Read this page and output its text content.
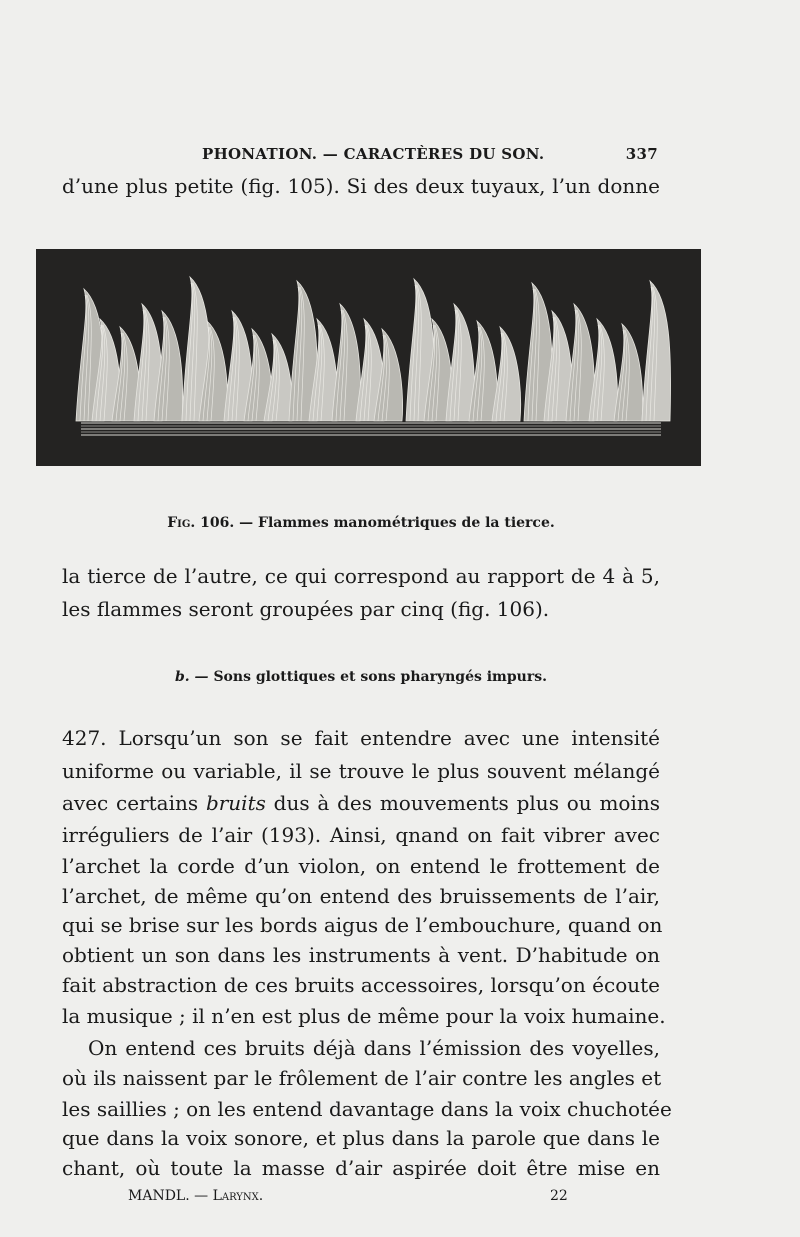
PHONATION. — CARACTÈRES DU SON.	337
d’une plus petite (fig. 105). Si des deux tuyaux, l’un donne
Fig. 106. — Flammes manométriques de la tierce.
la tierce de l’autre, ce qui correspond au rapport de 4 à 5,
les flammes seront groupées par cinq (fig. 106).
b. — Sons glottiques et sons pharyngés impurs.
427. Lorsqu’un son se fait entendre avec une intensité
uniforme ou variable, il se trouve le plus souvent mélangé
avec certains bruits dus à des mouvements plus ou moins
irréguliers de l’air (193). Ainsi, qnand on fait vibrer avec
l’archet la corde d’un violon, on entend le frottement de
l’archet, de même qu’on entend des bruissements de l’air,
qui se brise sur les bords aigus de l’embouchure, quand on
obtient un son dans les instruments à vent. D’habitude on
fait abstraction de ces bruits accessoires, lorsqu’on écoute
la musique ; il n’en est plus de même pour la voix humaine.
On entend ces bruits déjà dans l’émission des voyelles,
où ils naissent par le frôlement de l’air contre les angles et
les saillies ; on les entend davantage dans la voix chuchotée
que dans la voix sonore, et plus dans la parole que dans le
chant, où toute la masse d’air aspirée doit être mise en
MANDL. — Larynx.	22
